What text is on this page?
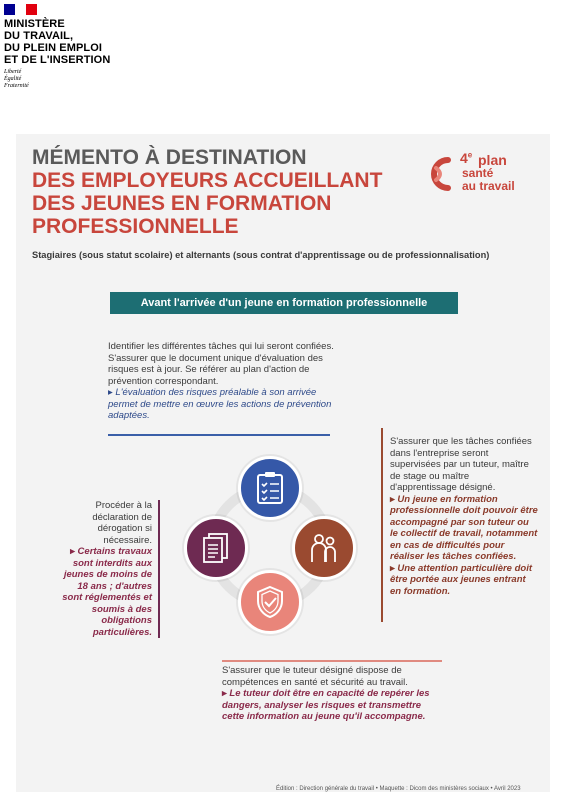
MINISTÈRE
DU TRAVAIL,
DU PLEIN EMPLOI
ET DE L'INSERTION
Liberté
Égalité
Fraternité
MÉMENTO À DESTINATION
DES EMPLOYEURS ACCUEILLANT
DES JEUNES EN FORMATION
PROFESSIONNELLE
4e plan
santé
au travail
Stagiaires (sous statut scolaire) et alternants (sous contrat d'apprentissage ou de professionnalisation)
Avant l'arrivée d'un jeune en formation professionnelle
Identifier les différentes tâches qui lui seront confiées. S'assurer que le document unique d'évaluation des risques est à jour. Se référer au plan d'action de prévention correspondant.
▸ L'évaluation des risques préalable à son arrivée permet de mettre en œuvre les actions de prévention adaptées.
S'assurer que les tâches confiées dans l'entreprise seront supervisées par un tuteur, maître de stage ou maître d'apprentissage désigné.
▸ Un jeune en formation professionnelle doit pouvoir être accompagné par son tuteur ou le collectif de travail, notamment en cas de difficultés pour réaliser les tâches confiées.
▸ Une attention particulière doit être portée aux jeunes entrant en formation.
Procéder à la déclaration de dérogation si nécessaire.
▸ Certains travaux sont interdits aux jeunes de moins de 18 ans ; d'autres sont réglementés et soumis à des obligations particulières.
S'assurer que le tuteur désigné dispose de compétences en santé et sécurité au travail.
▸ Le tuteur doit être en capacité de repérer les dangers, analyser les risques et transmettre cette information au jeune qu'il accompagne.
Édition : Direction générale du travail • Maquette : Dicom des ministères sociaux • Avril 2023
